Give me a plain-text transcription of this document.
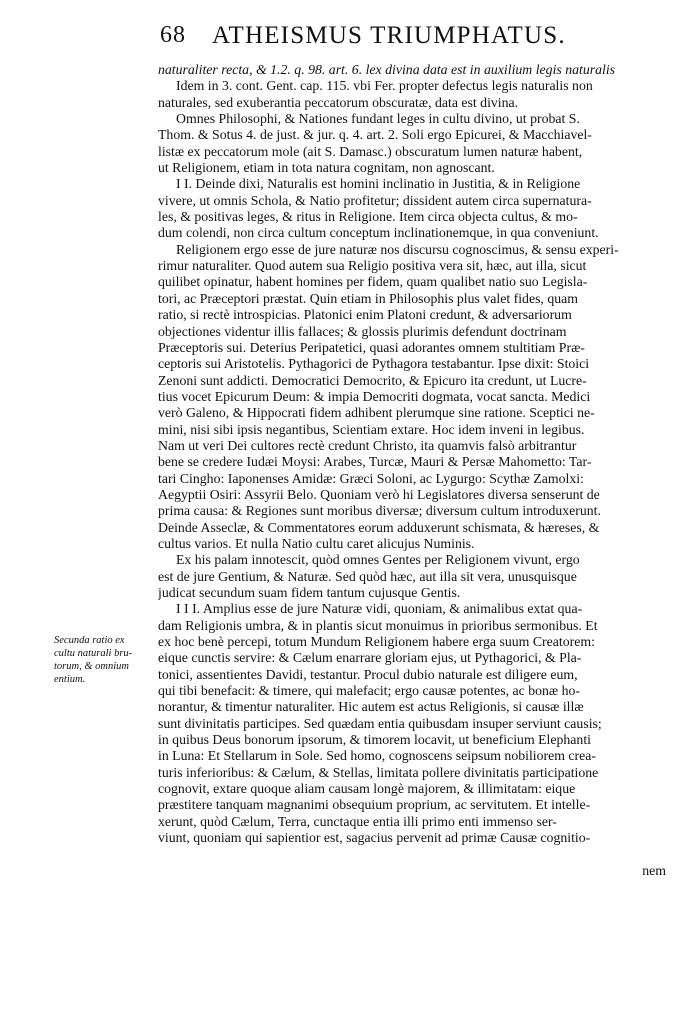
68 ATHEISMUS TRIUMPHATUS.
Secunda ratio ex
cultu naturali bru-
torum, & omnium
entium.
naturaliter recta, & 1.2. q. 98. art. 6. lex divina data est in auxilium legis naturalis
Idem in 3. cont. Gent. cap. 115. vbi Fer. propter defectus legis naturalis non
naturales, sed exuberantia peccatorum obscuratæ, data est divina.
Omnes Philosophi, & Nationes fundant leges in cultu divino, ut probat S.
Thom. & Sotus 4. de just. & jur. q. 4. art. 2. Soli ergo Epicurei, & Macchiavel-
listæ ex peccatorum mole (ait S. Damasc.) obscuratum lumen naturæ habent,
ut Religionem, etiam in tota natura cognitam, non agnoscant.
I I. Deinde dixi, Naturalis est homini inclinatio in Justitia, & in Religione
vivere, ut omnis Schola, & Natio profitetur; dissident autem circa supernatura-
les, & positivas leges, & ritus in Religione. Item circa objecta cultus, & mo-
dum colendi, non circa cultum conceptum inclinationemque, in qua conveniunt.
Religionem ergo esse de jure naturæ nos discursu cognoscimus, & sensu experi-
rimur naturaliter. Quod autem sua Religio positiva vera sit, hæc, aut illa, sicut
quilibet opinatur, habent homines per fidem, quam qualibet natio suo Legisla-
tori, ac Præceptori præstat. Quin etiam in Philosophis plus valet fides, quam
ratio, si rectè introspicias. Platonici enim Platoni credunt, & adversariorum
objectiones videntur illis fallaces; & glossis plurimis defendunt doctrinam
Præceptoris sui. Deterius Peripatetici, quasi adorantes omnem stultitiam Præ-
ceptoris sui Aristotelis. Pythagorici de Pythagora testabantur. Ipse dixit: Stoici
Zenoni sunt addicti. Democratici Democrito, & Epicuro ita credunt, ut Lucre-
tius vocet Epicurum Deum: & impia Democriti dogmata, vocat sancta. Medici
verò Galeno, & Hippocrati fidem adhibent plerumque sine ratione. Sceptici ne-
mini, nisi sibi ipsis negantibus, Scientiam extare. Hoc idem inveni in legibus.
Nam ut veri Dei cultores rectè credunt Christo, ita quamvis falsò arbitrantur
bene se credere Iudæi Moysi: Arabes, Turcæ, Mauri & Persæ Mahometto: Tar-
tari Cingho: Iaponenses Amidæ: Græci Soloni, ac Lygurgo: Scythæ Zamolxi:
Aegyptii Osiri: Assyrii Belo. Quoniam verò hi Legislatores diversa senserunt de
prima causa: & Regiones sunt moribus diversæ; diversum cultum introduxerunt.
Deinde Asseclæ, & Commentatores eorum adduxerunt schismata, & hæreses, &
cultus varios. Et nulla Natio cultu caret alicujus Numinis.
Ex his palam innotescit, quòd omnes Gentes per Religionem vivunt, ergo
est de jure Gentium, & Naturæ. Sed quòd hæc, aut illa sit vera, unusquisque
judicat secundum suam fidem tantum cujusque Gentis.
I I I. Amplius esse de jure Naturæ vidi, quoniam, & animalibus extat qua-
dam Religionis umbra, & in plantis sicut monuimus in prioribus sermonibus. Et
ex hoc benè percepi, totum Mundum Religionem habere erga suum Creatorem:
eique cunctis servire: & Cælum enarrare gloriam ejus, ut Pythagorici, & Pla-
tonici, assentientes Davidi, testantur. Procul dubio naturale est diligere eum,
qui tibi benefacit: & timere, qui malefacit; ergo causæ potentes, ac bonæ ho-
norantur, & timentur naturaliter. Hic autem est actus Religionis, si causæ illæ
sunt divinitatis participes. Sed quædam entia quibusdam insuper serviunt causis;
in quibus Deus bonorum ipsorum, & timorem locavit, ut beneficium Elephanti
in Luna: Et Stellarum in Sole. Sed homo, cognoscens seipsum nobiliorem crea-
turis inferioribus: & Cælum, & Stellas, limitata pollere divinitatis participatione
cognovit, extare quoque aliam causam longè majorem, & illimitatam: eique
præstitere tanquam magnanimi obsequium proprium, ac servitutem. Et intelle-
xerunt, quòd Cælum, Terra, cunctaque entia illi primo enti immenso ser-
viunt, quoniam qui sapientior est, sagacius pervenit ad primæ Causæ cognitio-
nem
